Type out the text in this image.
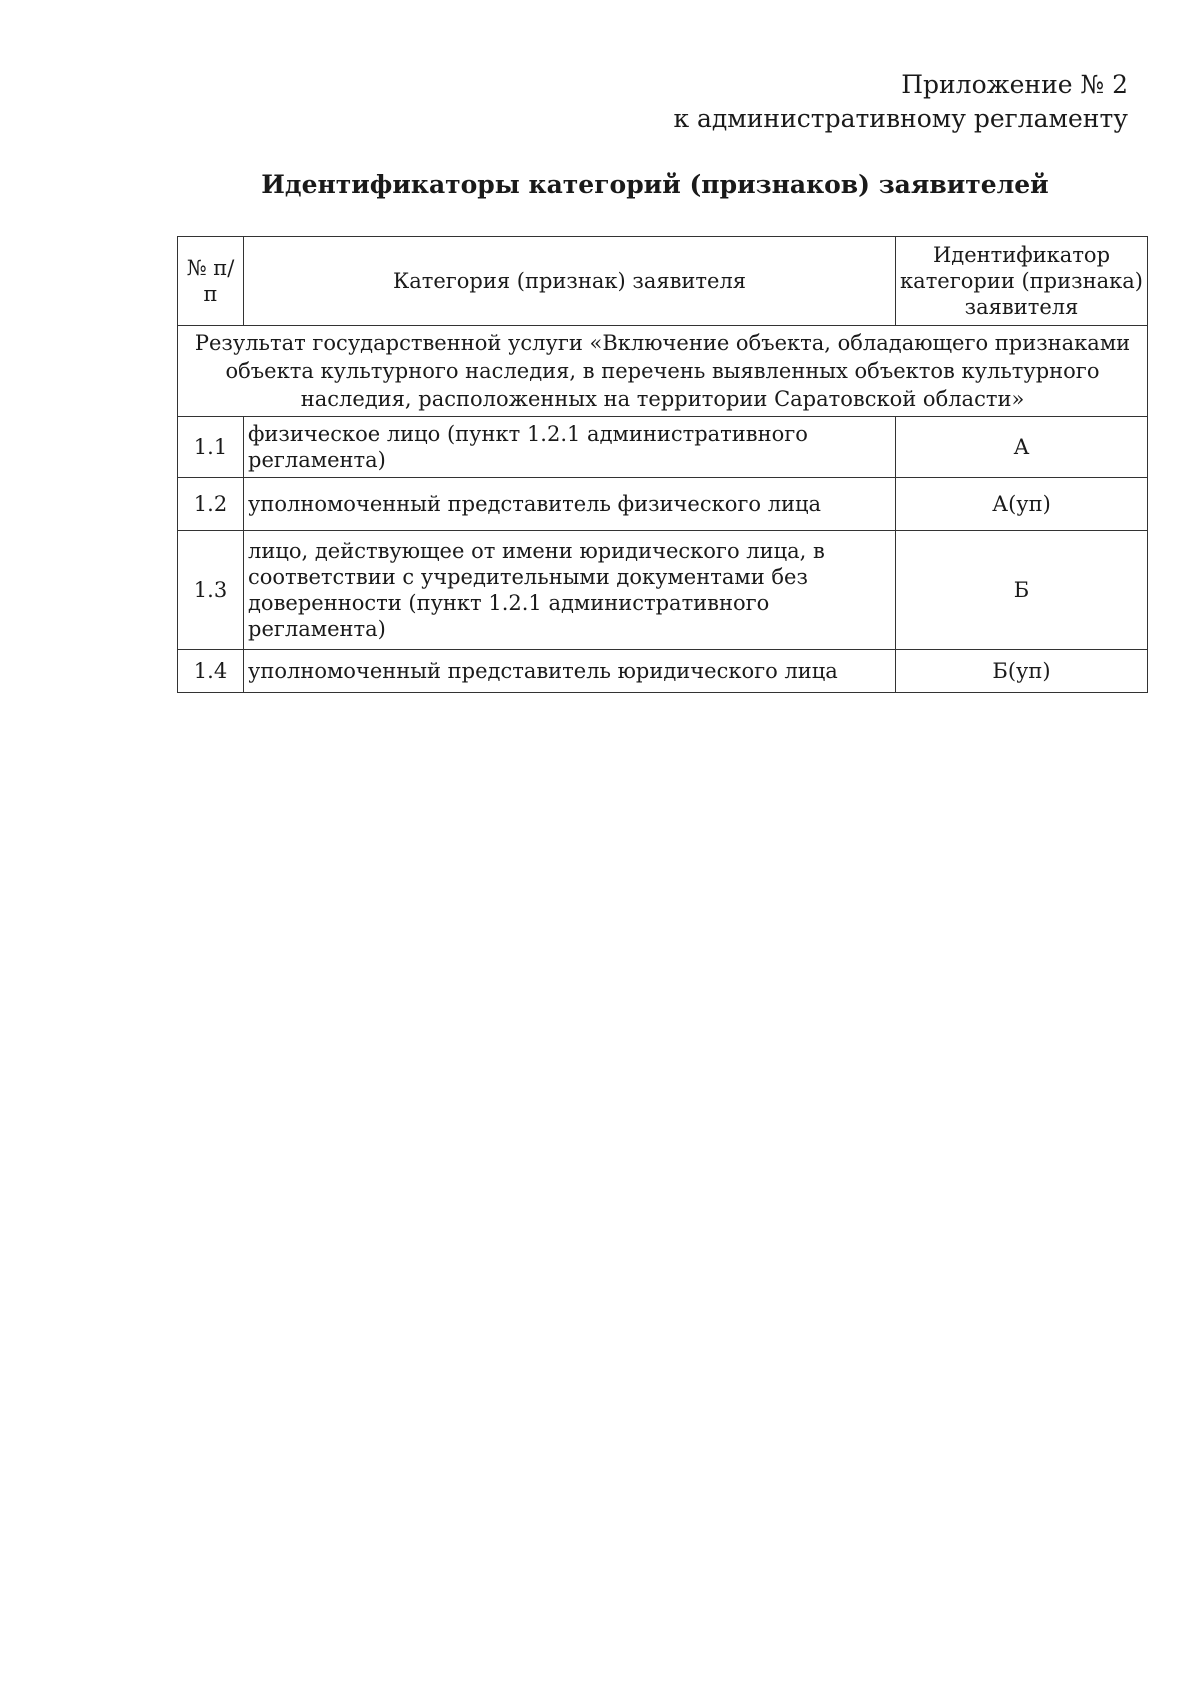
Приложение № 2
к административному регламенту
Идентификаторы категорий (признаков) заявителей
№ п/п	Категория (признак) заявителя	Идентификатор категории (признака) заявителя
Результат государственной услуги «Включение объекта, обладающего признаками объекта культурного наследия, в перечень выявленных объектов культурного наследия, расположенных на территории Саратовской области»		
1.1	физическое лицо (пункт 1.2.1 административного регламента)	А
1.2	уполномоченный представитель физического лица	А(уп)
1.3	лицо, действующее от имени юридического лица, в соответствии с учредительными документами без доверенности (пункт 1.2.1 административного регламента)	Б
1.4	уполномоченный представитель юридического лица	Б(уп)
